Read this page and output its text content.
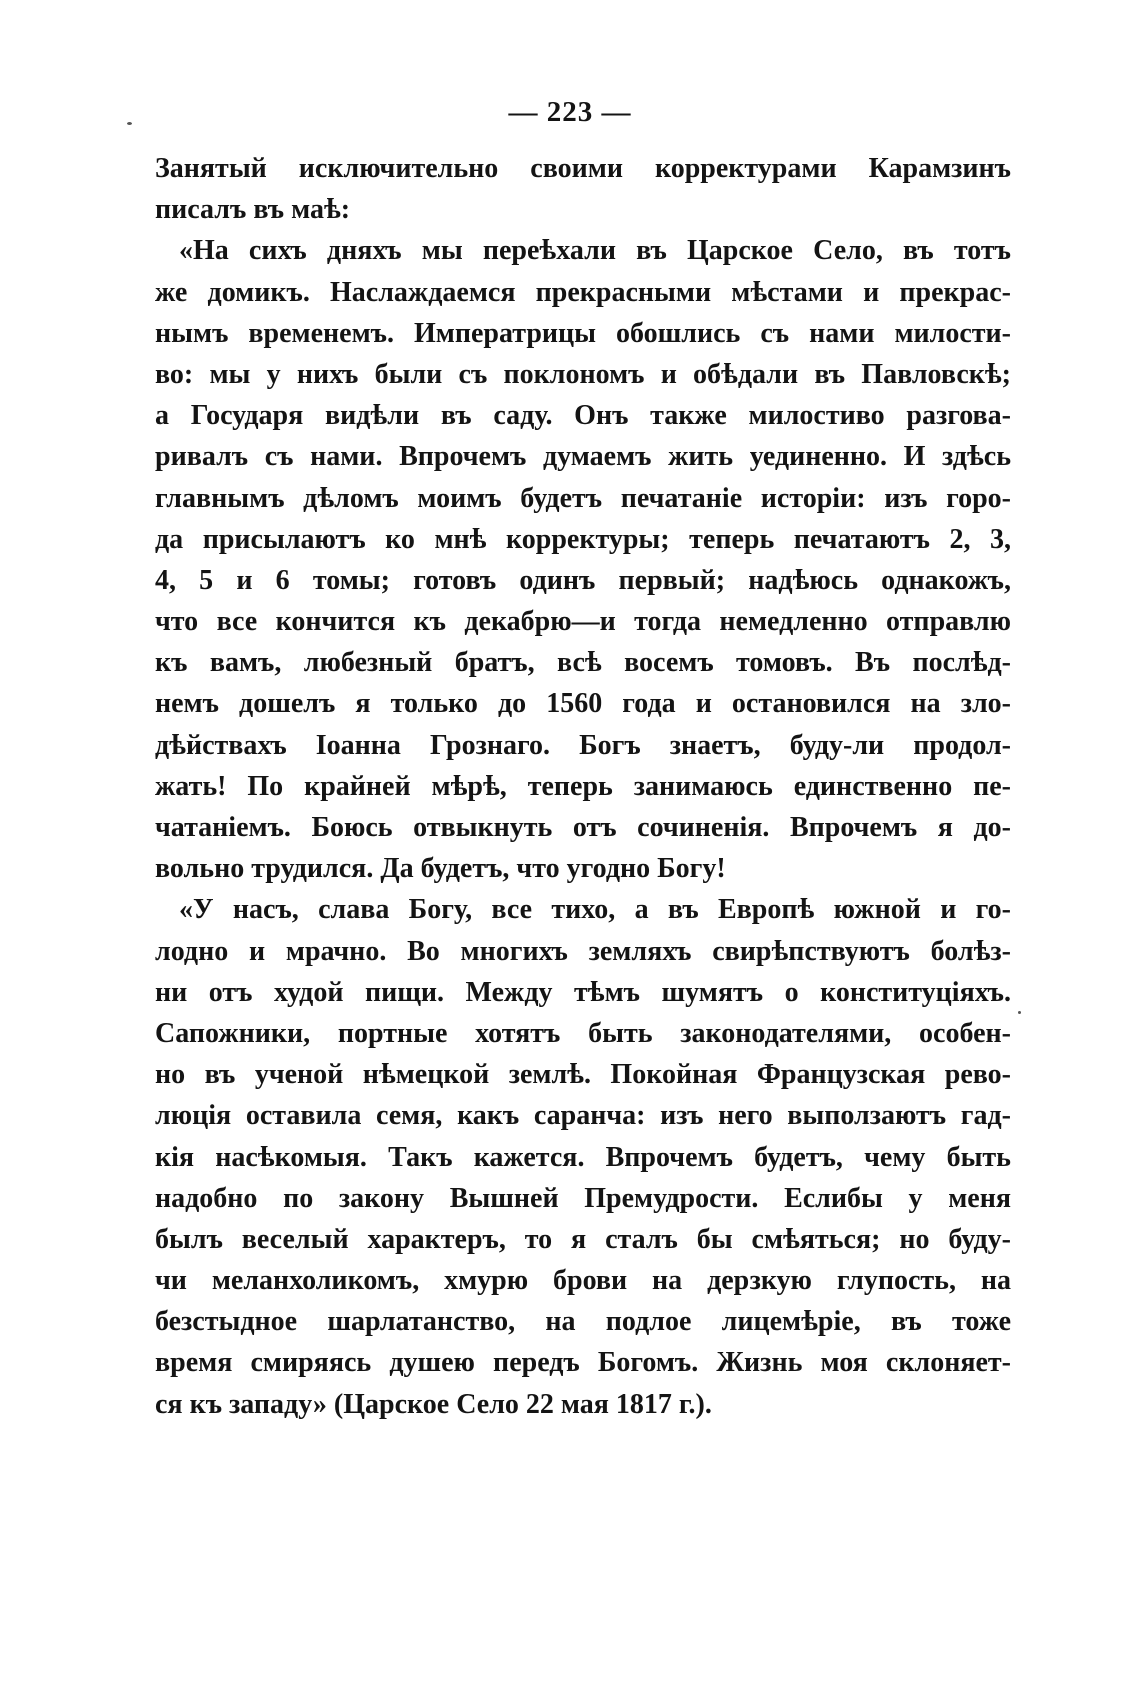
— 223 —
Занятый исключительно своими корректурами Карамзинъ
писалъ въ маѣ:
«На сихъ дняхъ мы переѣхали въ Царское Село, въ тотъ
же домикъ. Наслаждаемся прекрасными мѣстами и прекрас-
нымъ временемъ. Императрицы обошлись съ нами милости-
во: мы у нихъ были съ поклономъ и обѣдали въ Павловскѣ;
а Государя видѣли въ саду. Онъ также милостиво разгова-
ривалъ съ нами. Впрочемъ думаемъ жить уединенно. И здѣсь
главнымъ дѣломъ моимъ будетъ печатаніе исторіи: изъ горо-
да присылаютъ ко мнѣ корректуры; теперь печатаютъ 2, 3,
4, 5 и 6 томы; готовъ одинъ первый; надѣюсь однакожъ,
что все кончится къ декабрю—и тогда немедленно отправлю
къ вамъ, любезный братъ, всѣ восемъ томовъ. Въ послѣд-
немъ дошелъ я только до 1560 года и остановился на зло-
дѣйствахъ Іоанна Грознаго. Богъ знаетъ, буду-ли продол-
жать! По крайней мѣрѣ, теперь занимаюсь единственно пе-
чатаніемъ. Боюсь отвыкнуть отъ сочиненія. Впрочемъ я до-
вольно трудился. Да будетъ, что угодно Богу!
«У насъ, слава Богу, все тихо, а въ Европѣ южной и го-
лодно и мрачно. Во многихъ земляхъ свирѣпствуютъ болѣз-
ни отъ худой пищи. Между тѣмъ шумятъ о конституціяхъ.
Сапожники, портные хотятъ быть законодателями, особен-
но въ ученой нѣмецкой землѣ. Покойная Французская рево-
люція оставила семя, какъ саранча: изъ него выползаютъ гад-
кія насѣкомыя. Такъ кажется. Впрочемъ будетъ, чему быть
надобно по закону Вышней Премудрости. Еслибы у меня
былъ веселый характеръ, то я сталъ бы смѣяться; но буду-
чи меланхоликомъ, хмурю брови на дерзкую глупость, на
безстыдное шарлатанство, на подлое лицемѣріе, въ тоже
время смиряясь душею передъ Богомъ. Жизнь моя склоняет-
ся къ западу» (Царское Село 22 мая 1817 г.).
